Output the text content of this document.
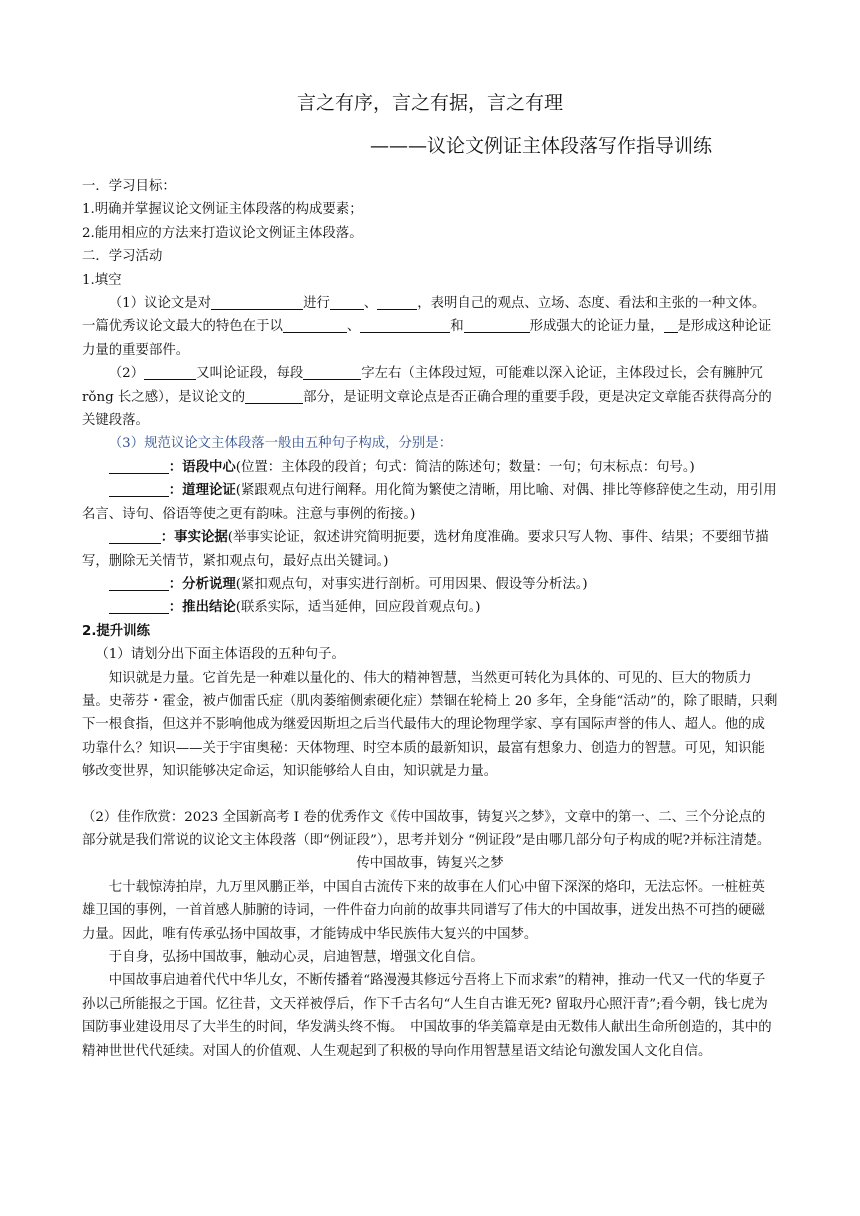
言之有序，言之有据，言之有理
———议论文例证主体段落写作指导训练

一．学习目标：

1.明确并掌握议论文例证主体段落的构成要素；

2.能用相应的方法来打造议论文例证主体段落。

二．学习活动

1.填空

（1）议论文是对	进行	、	，表明自己的观点、立场、态度、看法和主张的一种文体。一篇优秀议论文最大的特色在于以	、	和	形成强大的论证力量， 是形成这种论证力量的重要部件。

（2）	又叫论证段，每段	字左右（主体段过短，可能难以深入论证，主体段过长，会有臃肿冗 rǒng 长之感），是议论文的	部分，是证明文章论点是否正确合理的重要手段，更是决定文章能否获得高分的关键段落。

（3）规范议论文主体段落一般由五种句子构成，分别是：

：语段中心(位置：主体段的段首；句式：简洁的陈述句；数量：一句；句末标点：句号。)

：道理论证(紧跟观点句进行阐释。用化简为繁使之清晰，用比喻、对偶、排比等修辞使之生动，用引用名言、诗句、俗语等使之更有韵味。注意与事例的衔接。)

：事实论据(举事实论证，叙述讲究简明扼要，选材角度准确。要求只写人物、事件、结果；不要细节描写，删除无关情节，紧扣观点句，最好点出关键词。)

：分析说理(紧扣观点句，对事实进行剖析。可用因果、假设等分析法。)

：推出结论(联系实际，适当延伸，回应段首观点句。)

2.提升训练

（1）请划分出下面主体语段的五种句子。

知识就是力量。它首先是一种难以量化的、伟大的精神智慧，当然更可转化为具体的、可见的、巨大的物质力量。史蒂芬・霍金，被卢伽雷氏症（肌肉萎缩侧索硬化症）禁锢在轮椅上 20 多年，全身能“活动”的，除了眼睛，只剩下一根食指，但这并不影响他成为继爱因斯坦之后当代最伟大的理论物理学家、享有国际声誉的伟人、超人。他的成功靠什么？知识——关于宇宙奥秘：天体物理、时空本质的最新知识，最富有想象力、创造力的智慧。可见，知识能够改变世界，知识能够决定命运，知识能够给人自由，知识就是力量。

（2）佳作欣赏：2023 全国新高考 I 卷的优秀作文《传中国故事，铸复兴之梦》，文章中的第一、二、三个分论点的部分就是我们常说的议论文主体段落（即“例证段”），思考并划分 “例证段”是由哪几部分句子构成的呢?并标注清楚。

传中国故事，铸复兴之梦

七十载惊涛拍岸，九万里风鹏正举，中国自古流传下来的故事在人们心中留下深深的烙印，无法忘怀。一桩桩英雄卫国的事例，一首首感人肺腑的诗词，一件件奋力向前的故事共同谱写了伟大的中国故事，迸发出热不可挡的硬磁力量。因此，唯有传承弘扬中国故事，才能铸成中华民族伟大复兴的中国梦。

于自身，弘扬中国故事，触动心灵，启迪智慧，增强文化自信。

中国故事启迪着代代中华儿女，不断传播着“路漫漫其修远兮吾将上下而求索”的精神，推动一代又一代的华夏子孙以己所能报之于国。忆往昔，文天祥被俘后，作下千古名句“人生自古谁无死? 留取丹心照汗青”;看今朝，钱七虎为国防事业建设用尽了大半生的时间，华发满头终不悔。　中国故事的华美篇章是由无数伟人献出生命所创造的，其中的精神世世代代延续。对国人的价值观、人生观起到了积极的导向作用智慧星语文结论句激发国人文化自信。
